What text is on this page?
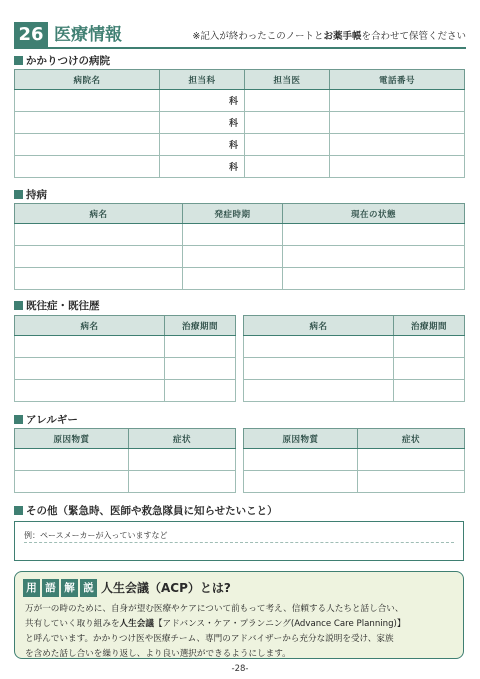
26 医療情報	※記入が終わったこのノートとお薬手帳を合わせて保管ください
かかりつけの病院
病院名	担当科	担当医	電話番号
	科		
	科		
	科		
	科		
持病
病名	発症時期	現在の状態

既往症・既往歴
病名	治療期間

		病名	治療期間

アレルギー
原因物質	症状

		原因物質	症状

その他（緊急時、医師や救急隊員に知らせたいこと）
例：ペースメーカーが入っていますなど
用 語 解 説 人生会議（ACP）とは?

万が一の時のために、自身が望む医療やケアについて前もって考え、信頼する人たちと話し合い、

共有していく取り組みを人生会議【アドバンス・ケア・プランニング(Advance Care Planning)】

と呼んでいます。かかりつけ医や医療チーム、専門のアドバイザーから充分な説明を受け、家族

を含めた話し合いを繰り返し、より良い選択ができるようにします。

-28-
